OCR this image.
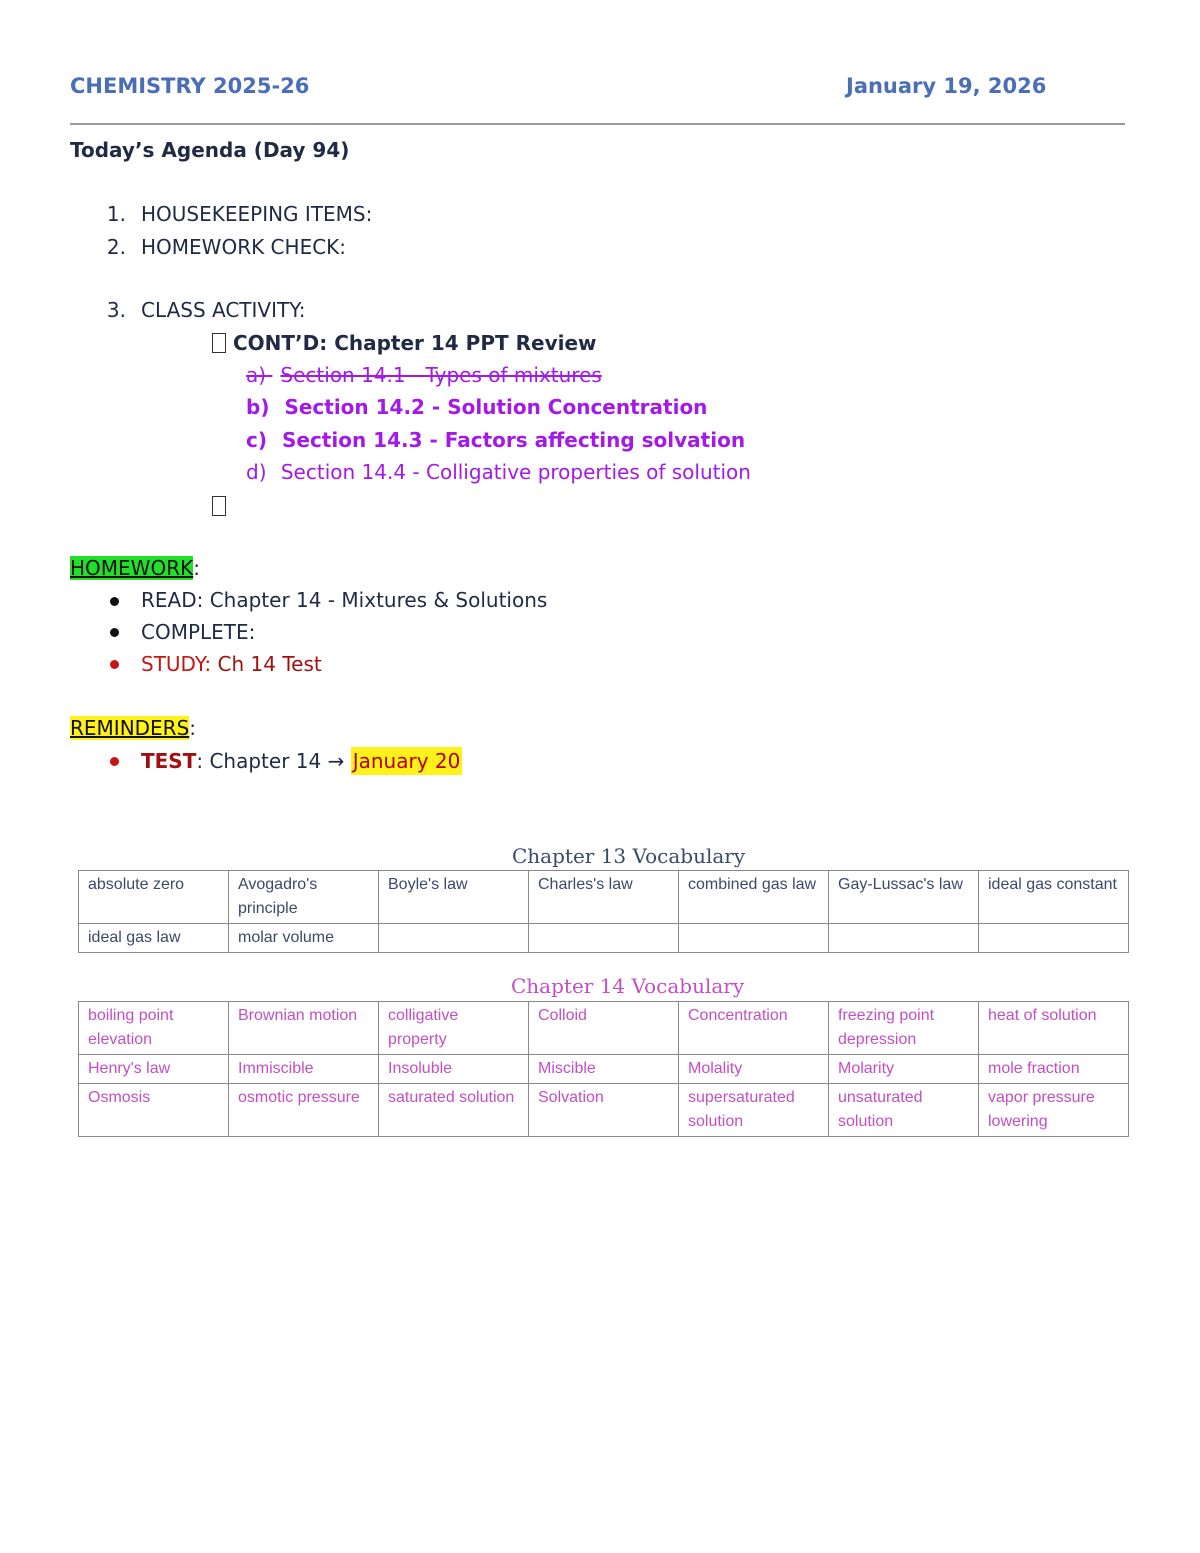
CHEMISTRY 2025-26	January 19, 2026
Today’s Agenda (Day 94)
1. HOUSEKEEPING ITEMS:
2. HOMEWORK CHECK:
3. CLASS ACTIVITY:
CONT’D: Chapter 14 PPT Review
a) Section 14.1 - Types of mixtures
b) Section 14.2 - Solution Concentration
c) Section 14.3 - Factors affecting solvation
d) Section 14.4 - Colligative properties of solution
HOMEWORK:
READ: Chapter 14 - Mixtures & Solutions
COMPLETE:
STUDY: Ch 14 Test
REMINDERS:
TEST: Chapter 14 → January 20
Chapter 13 Vocabulary
absolute zero	Avogadro's principle	Boyle's law	Charles's law	combined gas law	Gay-Lussac's law	ideal gas constant
ideal gas law	molar volume					
Chapter 14 Vocabulary
boiling point elevation	Brownian motion	colligative property	Colloid	Concentration	freezing point depression	heat of solution
Henry's law	Immiscible	Insoluble	Miscible	Molality	Molarity	mole fraction
Osmosis	osmotic pressure	saturated solution	Solvation	supersaturated solution	unsaturated solution	vapor pressure lowering
